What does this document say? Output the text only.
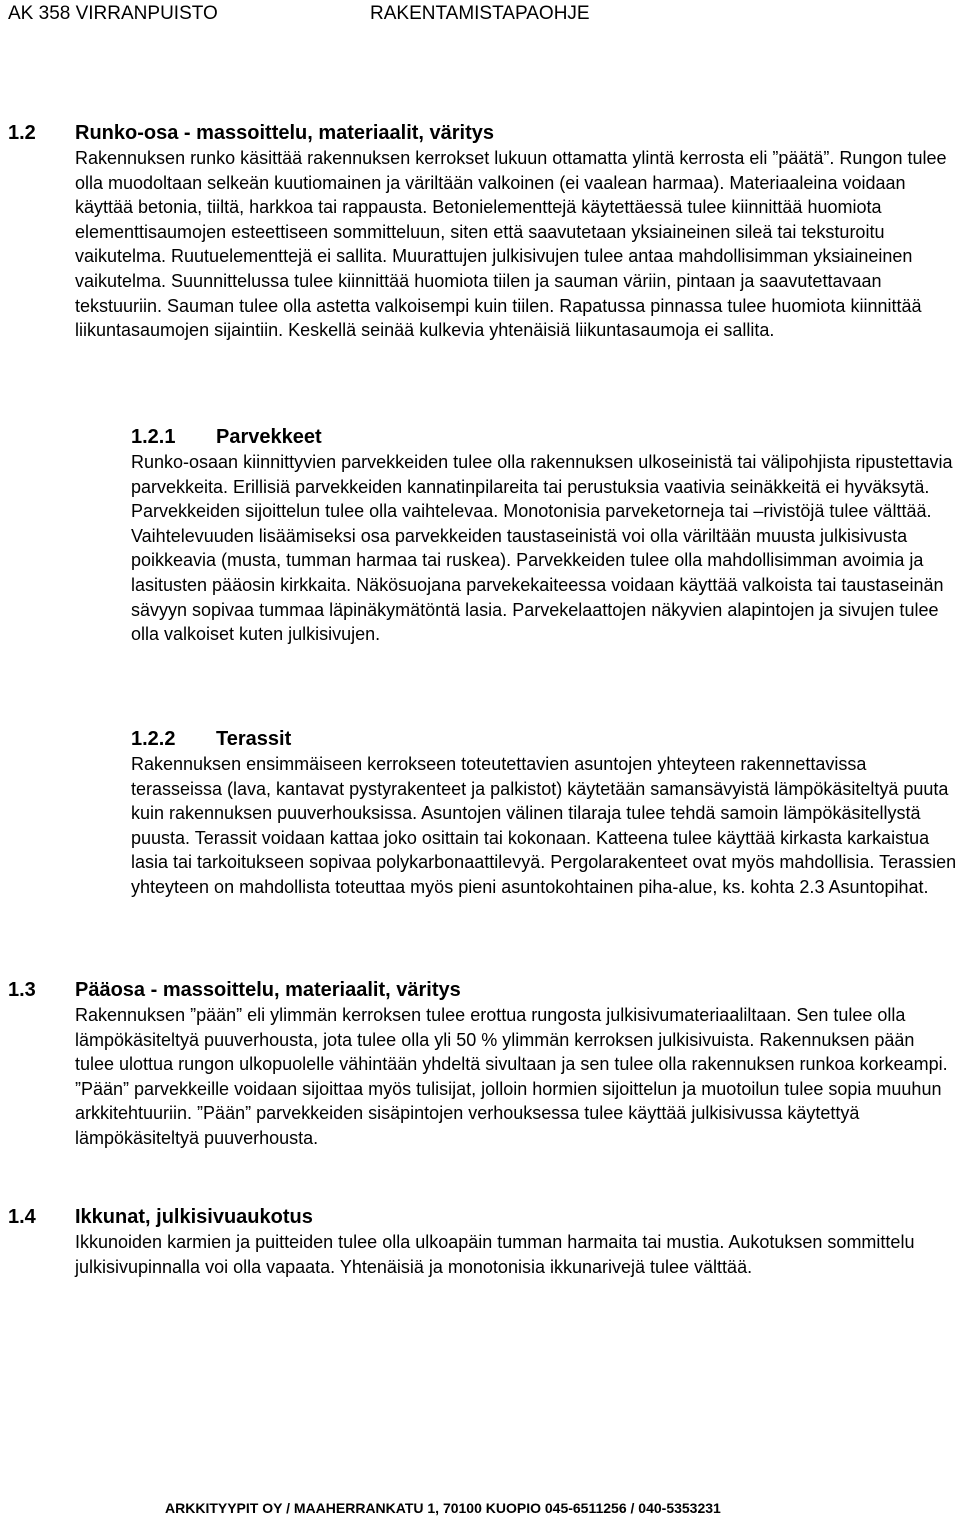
AK 358 VIRRANPUISTO	RAKENTAMISTAPAOHJE
1.2 Runko-osa - massoittelu, materiaalit, väritys
Rakennuksen runko käsittää rakennuksen kerrokset lukuun ottamatta ylintä kerrosta eli ”päätä”. Rungon tulee olla muodoltaan selkeän kuutiomainen ja väriltään valkoinen (ei vaalean harmaa). Materiaaleina voidaan käyttää betonia, tiiltä, harkkoa tai rappausta. Betonielementtejä käytettäessä tulee kiinnittää huomiota elementtisaumojen esteettiseen sommitteluun, siten että saavutetaan yksiaineinen sileä tai teksturoitu vaikutelma. Ruutuelementtejä ei sallita. Muurattujen julkisivujen tulee antaa mahdollisimman yksiaineinen vaikutelma. Suunnittelussa tulee kiinnittää huomiota tiilen ja sauman väriin, pintaan ja saavutettavaan tekstuuriin. Sauman tulee olla astetta valkoisempi kuin tiilen. Rapatussa pinnassa tulee huomiota kiinnittää liikuntasaumojen sijaintiin. Keskellä seinää kulkevia yhtenäisiä liikuntasaumoja ei sallita.
1.2.1 Parvekkeet
Runko-osaan kiinnittyvien parvekkeiden tulee olla rakennuksen ulkoseinistä tai välipohjista ripustettavia parvekkeita. Erillisiä parvekkeiden kannatinpilareita tai perustuksia vaativia seinäkkeitä ei hyväksytä. Parvekkeiden sijoittelun tulee olla vaihtelevaa. Monotonisia parveketorneja tai –rivistöjä tulee välttää. Vaihtelevuuden lisäämiseksi osa parvekkeiden taustaseinistä voi olla väriltään muusta julkisivusta poikkeavia (musta, tumman harmaa tai ruskea). Parvekkeiden tulee olla mahdollisimman avoimia ja lasitusten pääosin kirkkaita. Näkösuojana parvekekaiteessa voidaan käyttää valkoista tai taustaseinän sävyyn sopivaa tummaa läpinäkymätöntä lasia. Parvekelaattojen näkyvien alapintojen ja sivujen tulee olla valkoiset kuten julkisivujen.
1.2.2 Terassit
Rakennuksen ensimmäiseen kerrokseen toteutettavien asuntojen yhteyteen rakennettavissa terasseissa (lava, kantavat pystyrakenteet ja palkistot) käytetään samansävyistä lämpökäsiteltyä puuta kuin rakennuksen puuverhouksissa. Asuntojen välinen tilaraja tulee tehdä samoin lämpökäsitellystä puusta. Terassit voidaan kattaa joko osittain tai kokonaan. Katteena tulee käyttää kirkasta karkaistua lasia tai tarkoitukseen sopivaa polykarbonaattilevyä. Pergolarakenteet ovat myös mahdollisia. Terassien yhteyteen on mahdollista toteuttaa myös pieni asuntokohtainen piha-alue, ks. kohta 2.3 Asuntopihat.
1.3 Pääosa - massoittelu, materiaalit, väritys
Rakennuksen ”pään” eli ylimmän kerroksen tulee erottua rungosta julkisivumateriaaliltaan. Sen tulee olla lämpökäsiteltyä puuverhousta, jota tulee olla yli 50 % ylimmän kerroksen julkisivuista. Rakennuksen pään tulee ulottua rungon ulkopuolelle vähintään yhdeltä sivultaan ja sen tulee olla rakennuksen runkoa korkeampi. ”Pään” parvekkeille voidaan sijoittaa myös tulisijat, jolloin hormien sijoittelun ja muotoilun tulee sopia muuhun arkkitehtuuriin. ”Pään” parvekkeiden sisäpintojen verhouksessa tulee käyttää julkisivussa käytettyä lämpökäsiteltyä puuverhousta.
1.4 Ikkunat, julkisivuaukotus
Ikkunoiden karmien ja puitteiden tulee olla ulkoapäin tumman harmaita tai mustia. Aukotuksen sommittelu julkisivupinnalla voi olla vapaata. Yhtenäisiä ja monotonisia ikkunarivejä tulee välttää.
ARKKITYYPIT OY / MAAHERRANKATU 1, 70100 KUOPIO 045-6511256 / 040-5353231
